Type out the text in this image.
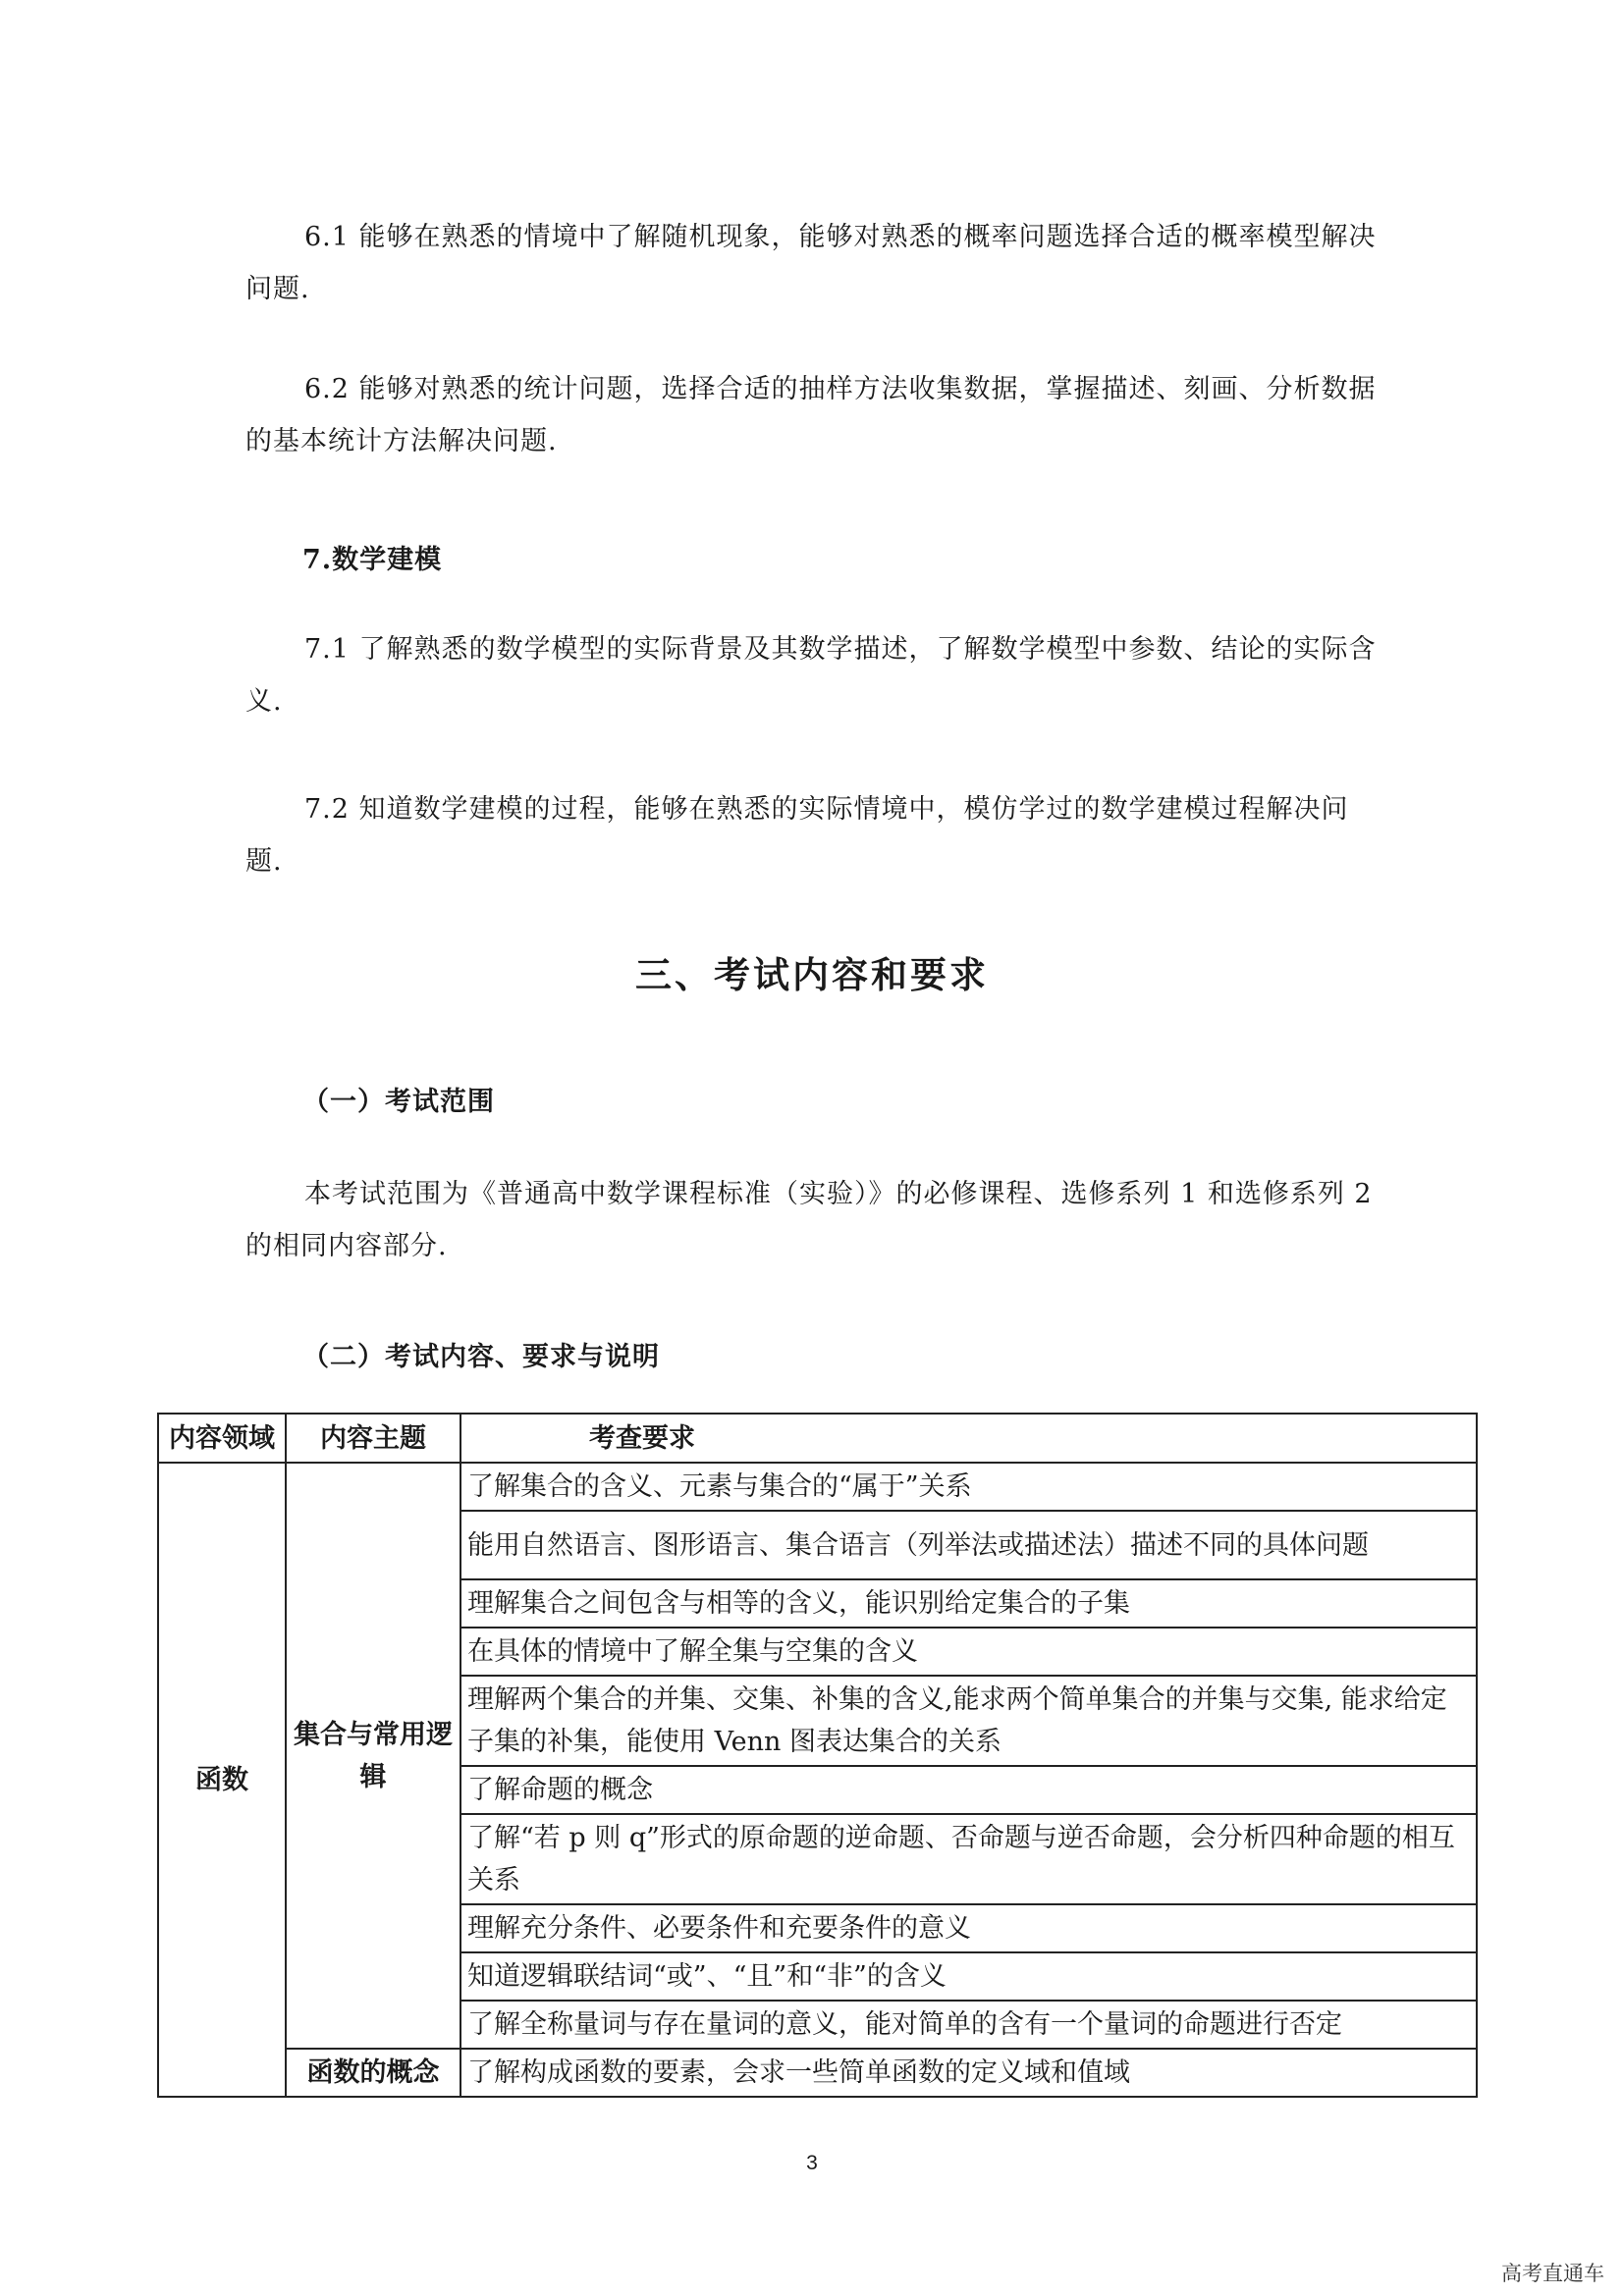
6.1 能够在熟悉的情境中了解随机现象，能够对熟悉的概率问题选择合适的概率模型解决问题.

6.2 能够对熟悉的统计问题，选择合适的抽样方法收集数据，掌握描述、刻画、分析数据的基本统计方法解决问题.

7.数学建模

7.1 了解熟悉的数学模型的实际背景及其数学描述，了解数学模型中参数、结论的实际含义.

7.2 知道数学建模的过程，能够在熟悉的实际情境中，模仿学过的数学建模过程解决问题.

三、考试内容和要求

（一）考试范围

本考试范围为《普通高中数学课程标准（实验）》的必修课程、选修系列 1 和选修系列 2 的相同内容部分.

（二）考试内容、要求与说明

内容领域	内容主题	考查要求
函数	集合与常用逻辑	了解集合的含义、元素与集合的“属于”关系
		能用自然语言、图形语言、集合语言（列举法或描述法）描述不同的具体问题
		理解集合之间包含与相等的含义，能识别给定集合的子集
		在具体的情境中了解全集与空集的含义
		理解两个集合的并集、交集、补集的含义,能求两个简单集合的并集与交集, 能求给定子集的补集，能使用 Venn 图表达集合的关系
		了解命题的概念
		了解“若 p 则 q”形式的原命题的逆命题、否命题与逆否命题，会分析四种命题的相互关系
		理解充分条件、必要条件和充要条件的意义
		知道逻辑联结词“或”、“且”和“非”的含义
		了解全称量词与存在量词的意义，能对简单的含有一个量词的命题进行否定
	函数的概念	了解构成函数的要素，会求一些简单函数的定义域和值域

3

高考直通车
